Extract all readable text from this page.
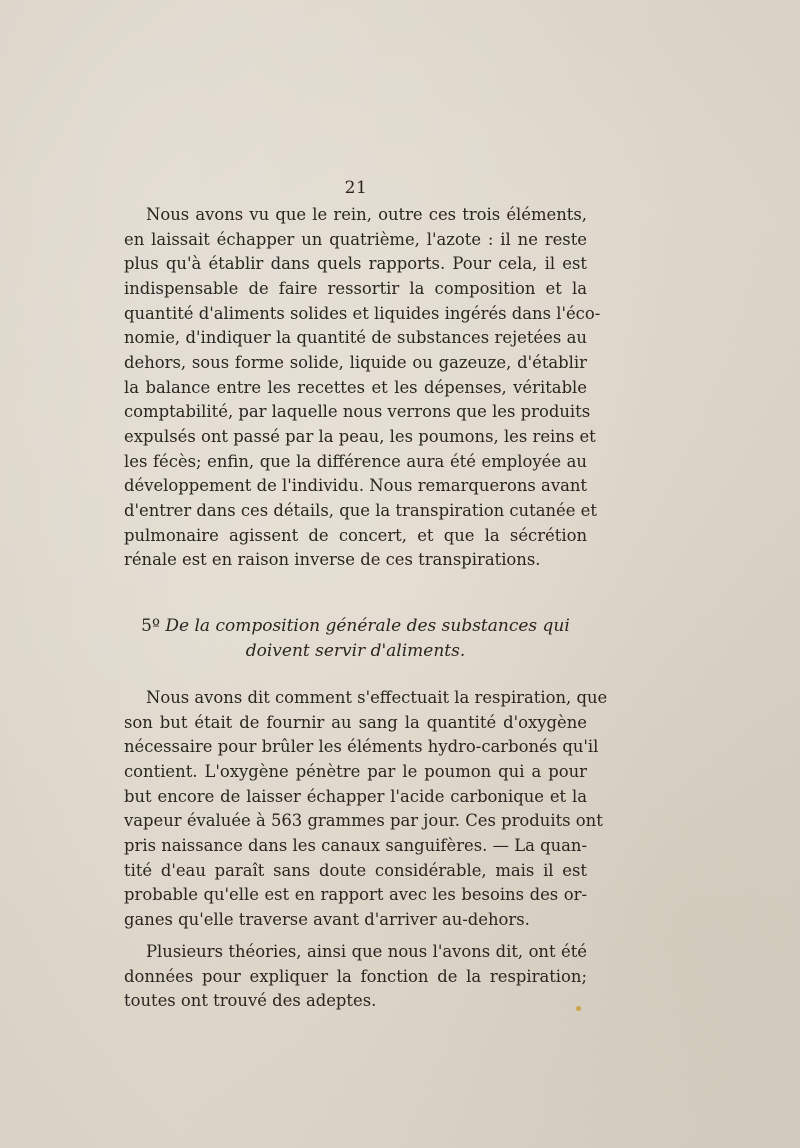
21

Nous avons vu que le rein, outre ces trois éléments,
en laissait échapper un quatrième, l'azote : il ne reste
plus qu'à établir dans quels rapports. Pour cela, il est
indispensable de faire ressortir la composition et la
quantité d'aliments solides et liquides ingérés dans l'éco-
nomie, d'indiquer la quantité de substances rejetées au
dehors, sous forme solide, liquide ou gazeuze, d'établir
la balance entre les recettes et les dépenses, véritable
comptabilité, par laquelle nous verrons que les produits
expulsés ont passé par la peau, les poumons, les reins et
les fécès; enfin, que la différence aura été employée au
développement de l'individu. Nous remarquerons avant
d'entrer dans ces détails, que la transpiration cutanée et
pulmonaire agissent de concert, et que la sécrétion
rénale est en raison inverse de ces transpirations.

5º De la composition générale des substances qui
doivent servir d'aliments.

Nous avons dit comment s'effectuait la respiration, que
son but était de fournir au sang la quantité d'oxygène
nécessaire pour brûler les éléments hydro-carbonés qu'il
contient. L'oxygène pénètre par le poumon qui a pour
but encore de laisser échapper l'acide carbonique et la
vapeur évaluée à 563 grammes par jour. Ces produits ont
pris naissance dans les canaux sanguifères. — La quan-
tité d'eau paraît sans doute considérable, mais il est
probable qu'elle est en rapport avec les besoins des or-
ganes qu'elle traverse avant d'arriver au-dehors.

Plusieurs théories, ainsi que nous l'avons dit, ont été
données pour expliquer la fonction de la respiration;
toutes ont trouvé des adeptes.
